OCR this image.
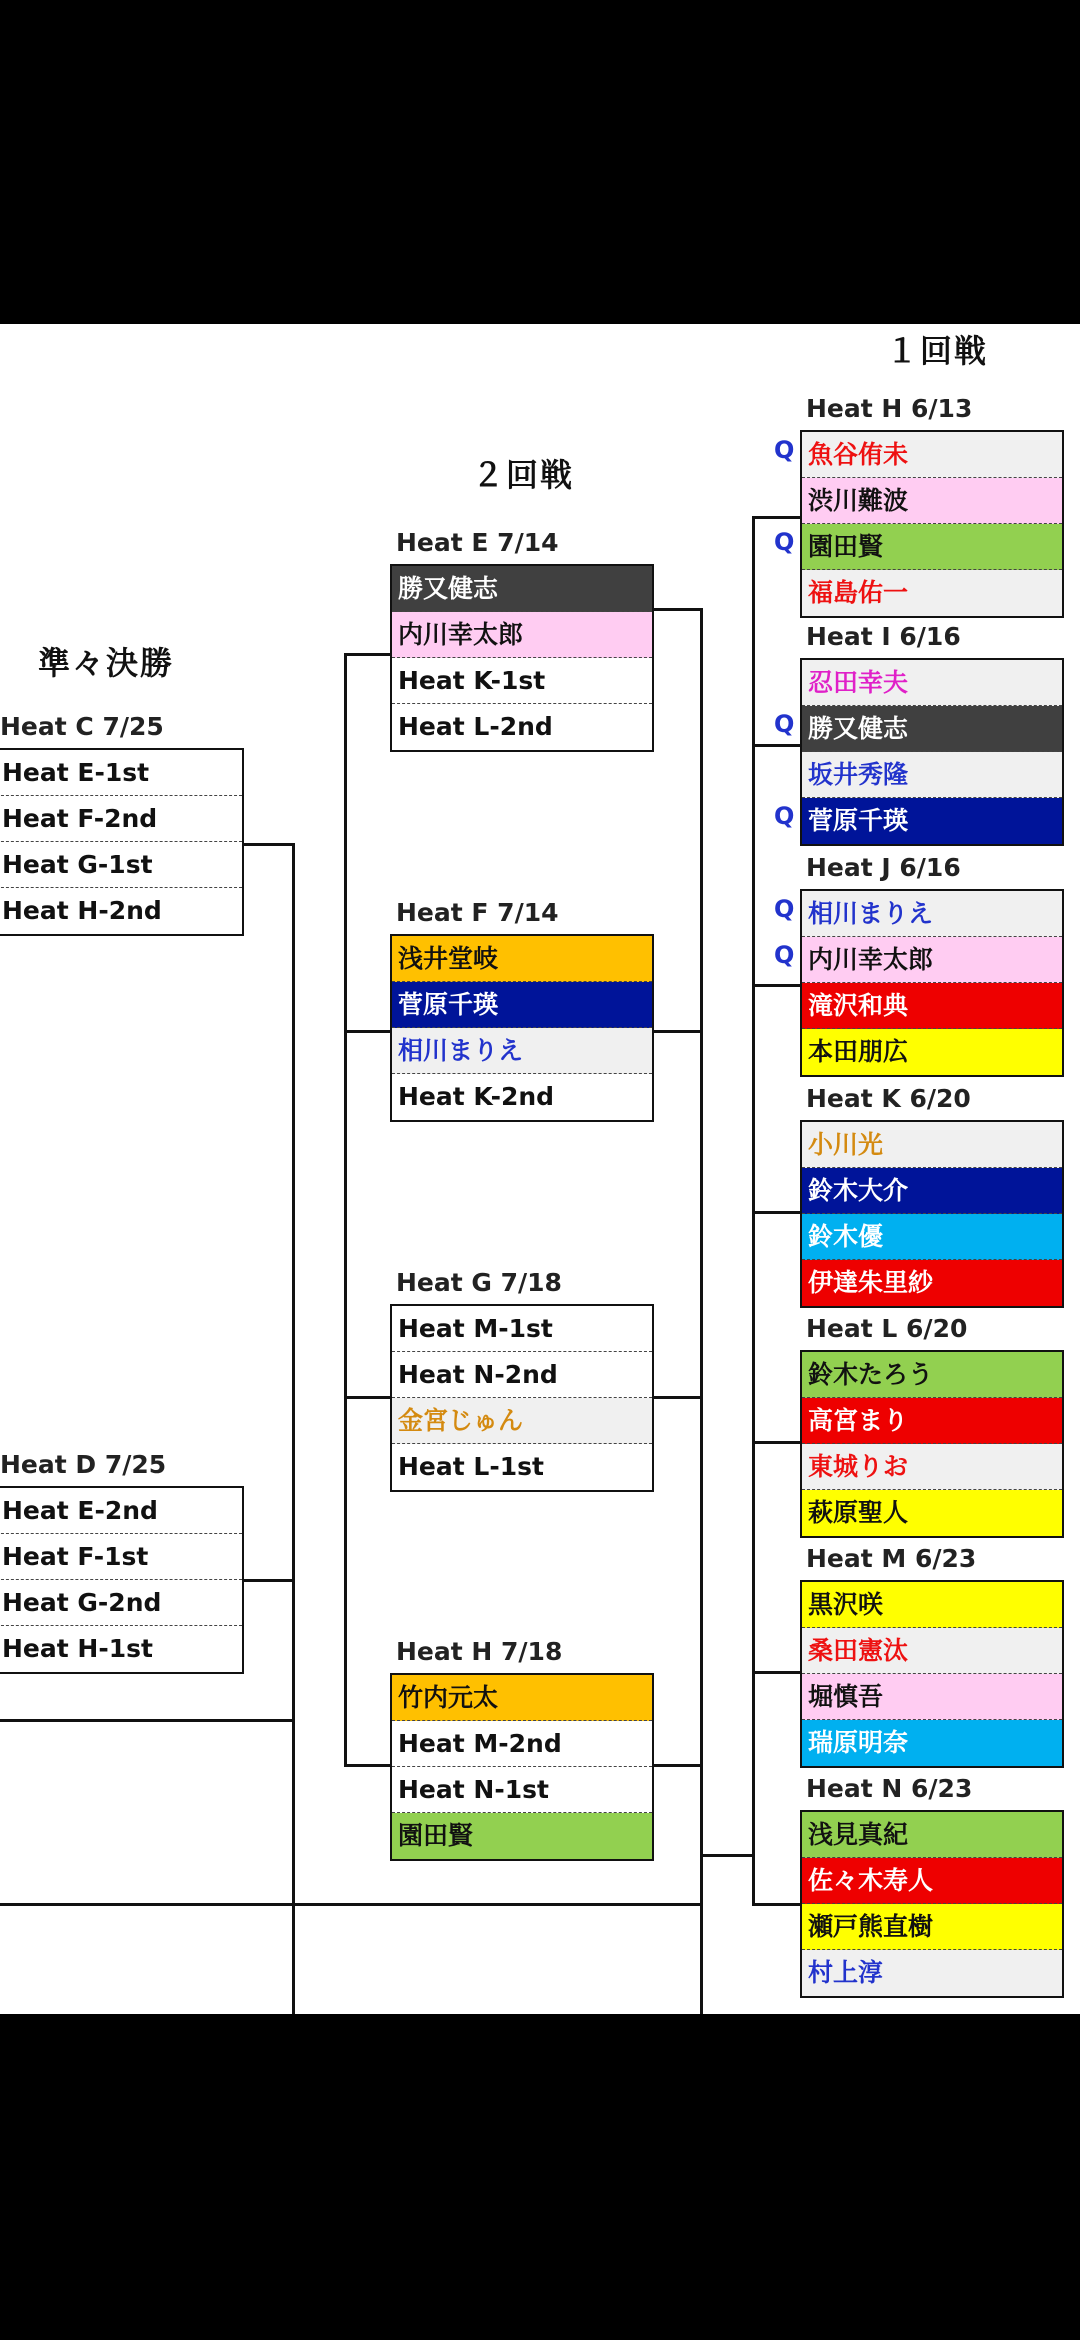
準々決勝
２回戦
１回戦
Heat C 7/25
Heat E-1st
Heat F-2nd
Heat G-1st
Heat H-2nd
Heat D 7/25
Heat E-2nd
Heat F-1st
Heat G-2nd
Heat H-1st
Heat E 7/14
勝又健志
内川幸太郎
Heat K-1st
Heat L-2nd
Heat F 7/14
浅井堂岐
菅原千瑛
相川まりえ
Heat K-2nd
Heat G 7/18
Heat M-1st
Heat N-2nd
金宮じゅん
Heat L-1st
Heat H 7/18
竹内元太
Heat M-2nd
Heat N-1st
園田賢
Heat H 6/13
Q
Q
魚谷侑未
渋川難波
園田賢
福島佑一
Heat I 6/16
Q
Q
忍田幸夫
勝又健志
坂井秀隆
菅原千瑛
Heat J 6/16
Q
Q
相川まりえ
内川幸太郎
滝沢和典
本田朋広
Heat K 6/20
小川光
鈴木大介
鈴木優
伊達朱里紗
Heat L 6/20
鈴木たろう
高宮まり
東城りお
萩原聖人
Heat M 6/23
黒沢咲
桑田憲汰
堀慎吾
瑞原明奈
Heat N 6/23
浅見真紀
佐々木寿人
瀬戸熊直樹
村上淳
